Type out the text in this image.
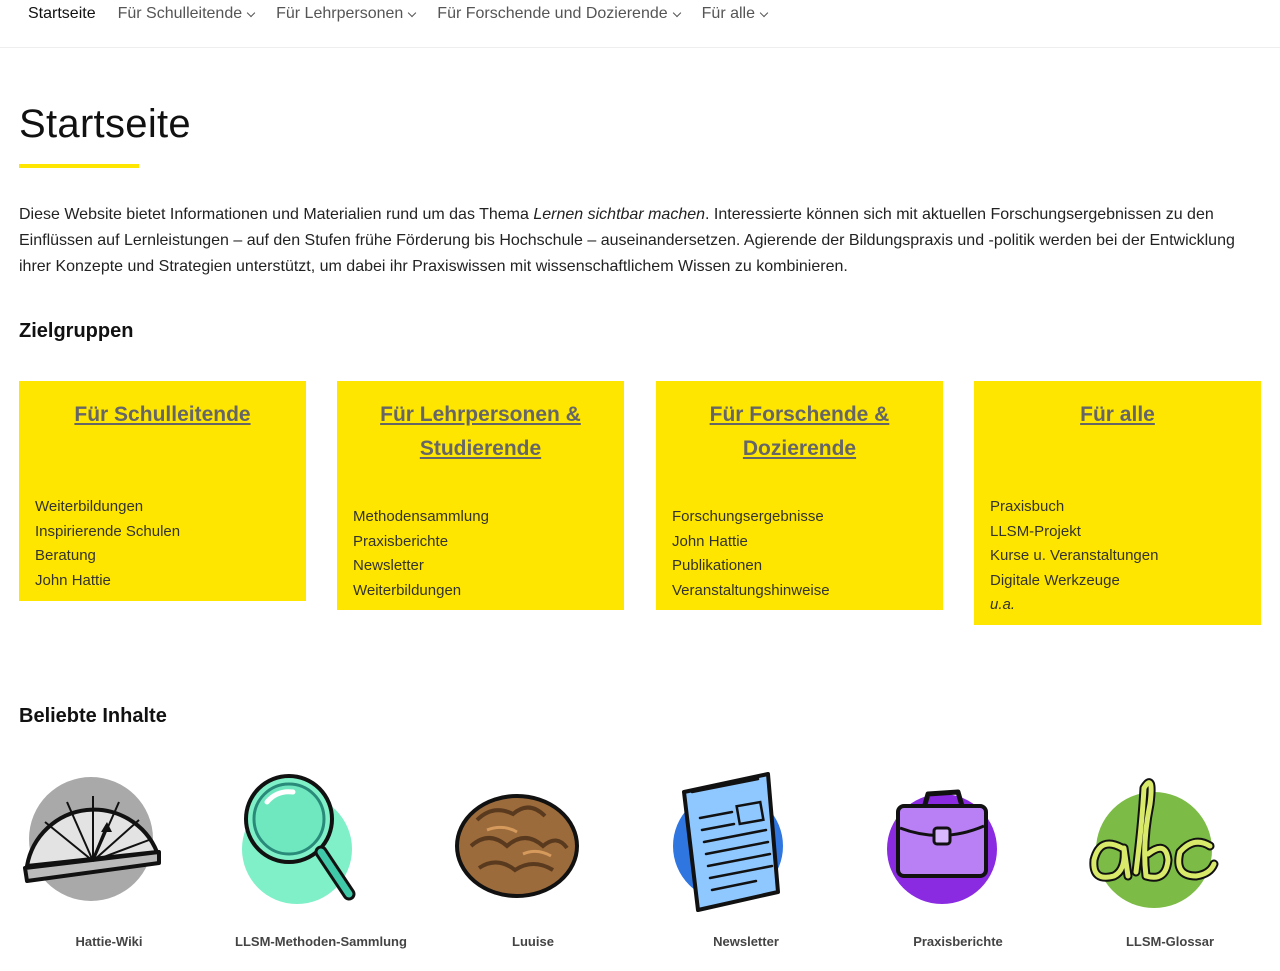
Startseite Für Schulleitende Für Lehrpersonen Für Forschende und Dozierende Für alle
Startseite

Diese Website bietet Informationen und Materialien rund um das Thema Lernen sichtbar machen. Interessierte können sich mit aktuellen Forschungsergebnissen zu den Einflüssen auf Lernleistungen – auf den Stufen frühe Förderung bis Hochschule – auseinandersetzen. Agierende der Bildungspraxis und -politik werden bei der Entwicklung ihrer Konzepte und Strategien unterstützt, um dabei ihr Praxiswissen mit wissenschaftlichem Wissen zu kombinieren.

Zielgruppen
Für Schulleitende
Weiterbildungen
Inspirierende Schulen
Beratung
John Hattie
Für Lehrpersonen &
Studierende
Methodensammlung
Praxisberichte
Newsletter
Weiterbildungen
Für Forschende &
Dozierende
Forschungsergebnisse
John Hattie
Publikationen
Veranstaltungshinweise
Für alle
Praxisbuch
LLSM-Projekt
Kurse u. Veranstaltungen
Digitale Werkzeuge
u.a.
Beliebte Inhalte
Hattie-Wiki	LLSM-Methoden-Sammlung	Luuise	Newsletter	Praxisberichte	LLSM-Glossar
